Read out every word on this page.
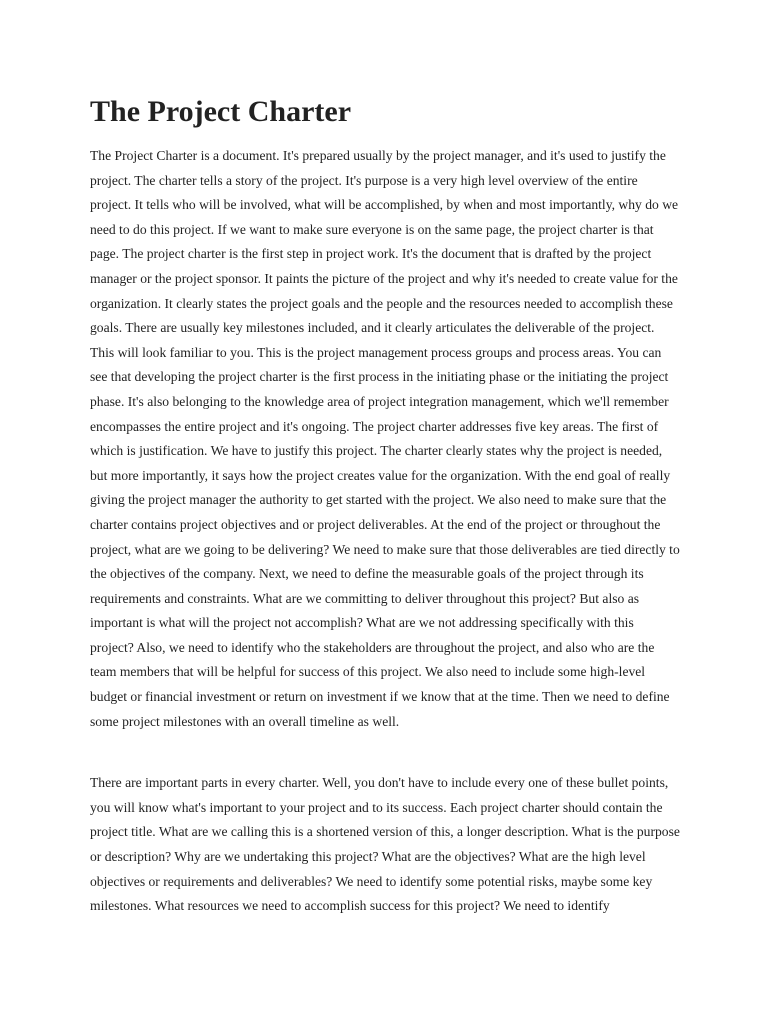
The Project Charter

The Project Charter is a document. It's prepared usually by the project manager, and it's used to justify the project. The charter tells a story of the project. It's purpose is a very high level overview of the entire project. It tells who will be involved, what will be accomplished, by when and most importantly, why do we need to do this project. If we want to make sure everyone is on the same page, the project charter is that page. The project charter is the first step in project work. It's the document that is drafted by the project manager or the project sponsor. It paints the picture of the project and why it's needed to create value for the organization. It clearly states the project goals and the people and the resources needed to accomplish these goals. There are usually key milestones included, and it clearly articulates the deliverable of the project. This will look familiar to you. This is the project management process groups and process areas. You can see that developing the project charter is the first process in the initiating phase or the initiating the project phase. It's also belonging to the knowledge area of project integration management, which we'll remember encompasses the entire project and it's ongoing. The project charter addresses five key areas. The first of which is justification. We have to justify this project. The charter clearly states why the project is needed, but more importantly, it says how the project creates value for the organization. With the end goal of really giving the project manager the authority to get started with the project. We also need to make sure that the charter contains project objectives and or project deliverables. At the end of the project or throughout the project, what are we going to be delivering? We need to make sure that those deliverables are tied directly to the objectives of the company. Next, we need to define the measurable goals of the project through its requirements and constraints. What are we committing to deliver throughout this project? But also as important is what will the project not accomplish? What are we not addressing specifically with this project? Also, we need to identify who the stakeholders are throughout the project, and also who are the team members that will be helpful for success of this project. We also need to include some high-level budget or financial investment or return on investment if we know that at the time. Then we need to define some project milestones with an overall timeline as well.

There are important parts in every charter. Well, you don't have to include every one of these bullet points, you will know what's important to your project and to its success. Each project charter should contain the project title. What are we calling this is a shortened version of this, a longer description. What is the purpose or description? Why are we undertaking this project? What are the objectives? What are the high level objectives or requirements and deliverables? We need to identify some potential risks, maybe some key milestones. What resources we need to accomplish success for this project? We need to identify
